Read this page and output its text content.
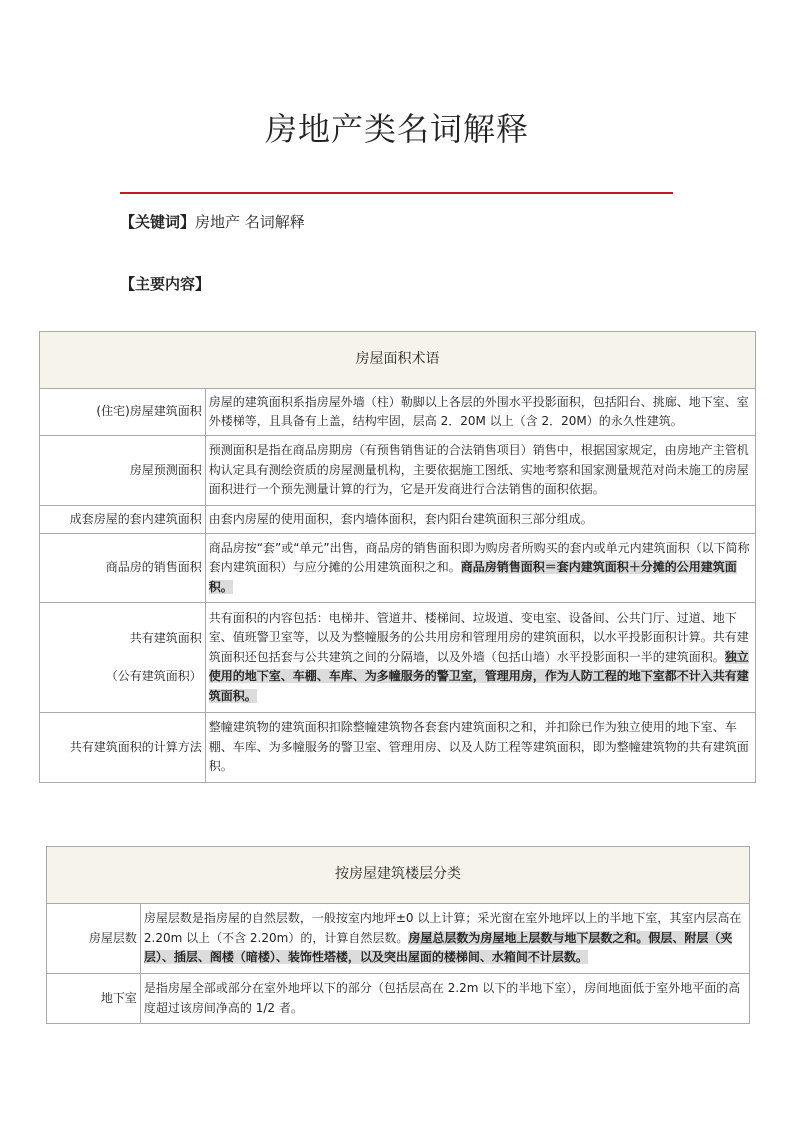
房地产类名词解释
【关键词】房地产 名词解释
【主要内容】
房屋面积术语	
(住宅)房屋建筑面积	房屋的建筑面积系指房屋外墙（柱）勒脚以上各层的外围水平投影面积，包括阳台、挑廊、地下室、室外楼梯等，且具备有上盖，结构牢固，层高 2．20M 以上（含 2．20M）的永久性建筑。
房屋预测面积	预测面积是指在商品房期房（有预售销售证的合法销售项目）销售中，根据国家规定，由房地产主管机构认定具有测绘资质的房屋测量机构，主要依据施工图纸、实地考察和国家测量规范对尚未施工的房屋面积进行一个预先测量计算的行为，它是开发商进行合法销售的面积依据。
成套房屋的套内建筑面积	由套内房屋的使用面积，套内墙体面积，套内阳台建筑面积三部分组成。
商品房的销售面积	商品房按“套”或“单元”出售，商品房的销售面积即为购房者所购买的套内或单元内建筑面积（以下简称套内建筑面积）与应分摊的公用建筑面积之和。商品房销售面积＝套内建筑面积＋分摊的公用建筑面积。

共有建筑面积
（公有建筑面积）	共有面积的内容包括：电梯井、管道井、楼梯间、垃圾道、变电室、设备间、公共门厅、过道、地下室、值班警卫室等，以及为整幢服务的公共用房和管理用房的建筑面积，以水平投影面积计算。共有建筑面积还包括套与公共建筑之间的分隔墙，以及外墙（包括山墙）水平投影面积一半的建筑面积。独立使用的地下室、车棚、车库、为多幢服务的警卫室，管理用房，作为人防工程的地下室都不计入共有建筑面积。
共有建筑面积的计算方法	整幢建筑物的建筑面积扣除整幢建筑物各套套内建筑面积之和，并扣除已作为独立使用的地下室、车棚、车库、为多幢服务的警卫室、管理用房、以及人防工程等建筑面积，即为整幢建筑物的共有建筑面积。
按房屋建筑楼层分类	
房屋层数	房屋层数是指房屋的自然层数，一般按室内地坪±0 以上计算；采光窗在室外地坪以上的半地下室，其室内层高在 2.20m 以上（不含 2.20m）的，计算自然层数。房屋总层数为房屋地上层数与地下层数之和。假层、附层（夹层）、插层、阁楼（暗楼）、装饰性塔楼，以及突出屋面的楼梯间、水箱间不计层数。
地下室	是指房屋全部或部分在室外地坪以下的部分（包括层高在 2.2m 以下的半地下室），房间地面低于室外地平面的高度超过该房间净高的 1/2 者。
